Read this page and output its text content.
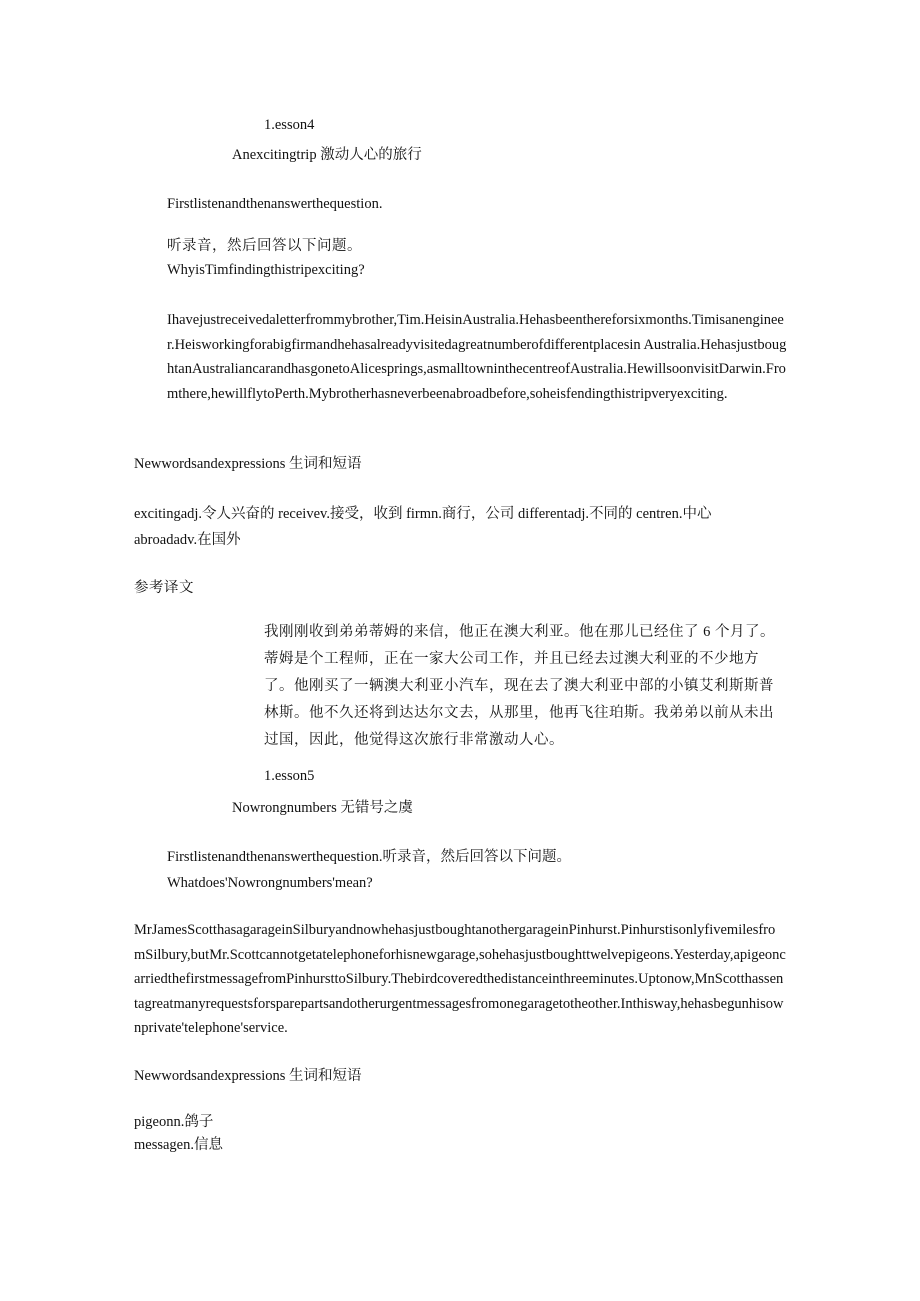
1.esson4
Anexcitingtrip 激动人心的旅行
Firstlistenandthenanswerthequestion.
听录音，然后回答以下问题。
WhyisTimfindingthistripexciting?
Ihavejustreceivedaletterfrommybrother,Tim.HeisinAustralia.Hehasbeenthereforsixmonths.Timisanengineer.Heisworkingforabigfirmandhehasalreadyvisitedagreatnumberofdifferentplacesin Australia.HehasjustboughtanAustraliancarandhasgonetoAlicesprings,asmalltowninthecentreofAustralia.HewillsoonvisitDarwin.Fromthere,hewillflytoPerth.Mybrotherhasneverbeenabroadbefore,soheisfendingthistripveryexciting.
Newwordsandexpressions 生词和短语
excitingadj.令人兴奋的 receivev.接受，收到 firmn.商行，公司 differentadj.不同的 centren.中心
abroadadv.在国外
参考译文
我刚刚收到弟弟蒂姆的来信，他正在澳大利亚。他在那儿已经住了 6 个月了。蒂姆是个工程师，正在一家大公司工作，并且已经去过澳大利亚的不少地方了。他刚买了一辆澳大利亚小汽车，现在去了澳大利亚中部的小镇艾利斯斯普林斯。他不久还将到达达尔文去，从那里，他再飞往珀斯。我弟弟以前从未出过国，因此，他觉得这次旅行非常激动人心。
1.esson5
Nowrongnumbers 无错号之虞
Firstlistenandthenanswerthequestion.听录音，然后回答以下问题。
Whatdoes'Nowrongnumbers'mean?
MrJamesScotthasagarageinSilburyandnowhehasjustboughtanothergarageinPinhurst.PinhurstisonlyfivemilesfromSilbury,butMr.Scottcannotgetatelephoneforhisnewgarage,sohehasjustboughttwelvepigeons.Yesterday,apigeoncarriedthefirstmessagefromPinhursttoSilbury.Thebirdcoveredthedistanceinthreeminutes.Uptonow,MnScotthassentagreatmanyrequestsforsparepartsandotherurgentmessagesfromonegaragetotheother.Inthisway,hehasbegunhisownprivate'telephone'service.
Newwordsandexpressions 生词和短语
pigeonn.鸽子
messagen.信息
